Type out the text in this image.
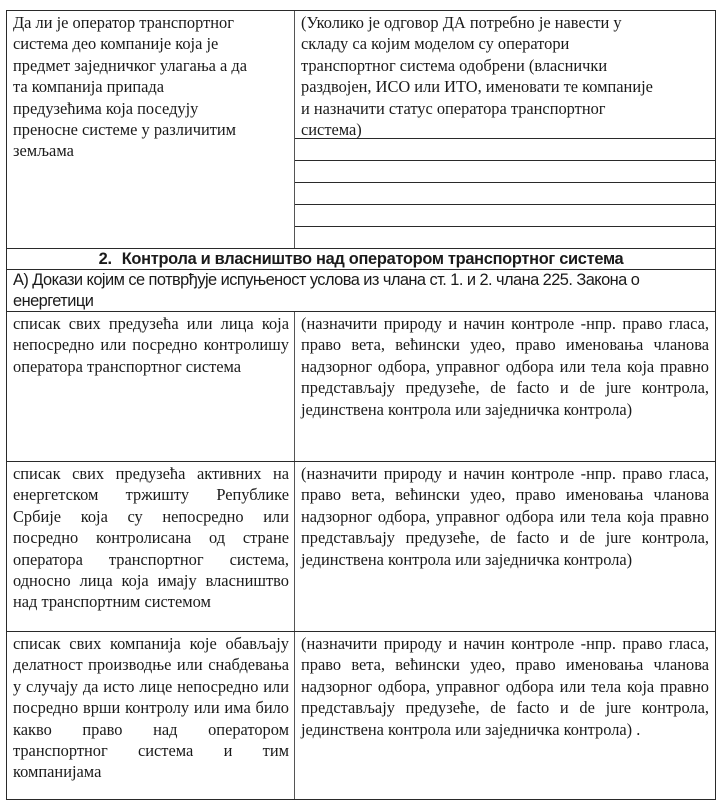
Да ли је оператор транспортног
система део компаније која је
предмет заједничког улагања а да
та компанија припада
предузећима која поседују
преносне системе у различитим
земљама
(Уколико је одговор ДА потребно је навести у
складу са којим моделом су оператори
транспортног система одобрени (власнички
раздвојен, ИСО или ИТО, именовати те компаније
и назначити статус оператора транспортног
система)
2. Контрола и власништво над оператором транспортног система
А) Докази којим се потврђује испуњеност услова из члана ст. 1. и 2. члана 225. Закона о
енергетици
списак свих предузећа или лица која непосредно или посредно контролишу оператора транспортног система
(назначити природу и начин контроле -нпр. право гласа, право вета, већински удео, право именовања чланова надзорног одбора, управног одбора или тела која правно представљају предузеће, de facto и de jure контрола, јединствена контрола или заједничка контрола)
списак свих предузећа активних на енергетском тржишту Републике Србије која су непосредно или посредно контролисана од стране оператора транспортног система, односно лица која имају власништво над транспортним системом
(назначити природу и начин контроле -нпр. право гласа, право вета, већински удео, право именовања чланова надзорног одбора, управног одбора или тела која правно представљају предузеће, de facto и de jure контрола, јединствена контрола или заједничка контрола)
списак свих компанија које обављају делатност производње или снабдевања у случају да исто лице непосредно или посредно врши контролу или има било какво право над оператором транспортног система и тим компанијама
(назначити природу и начин контроле -нпр. право гласа, право вета, већински удео, право именовања чланова надзорног одбора, управног одбора или тела која правно представљају предузеће, de facto и de jure контрола, јединствена контрола или заједничка контрола) .
